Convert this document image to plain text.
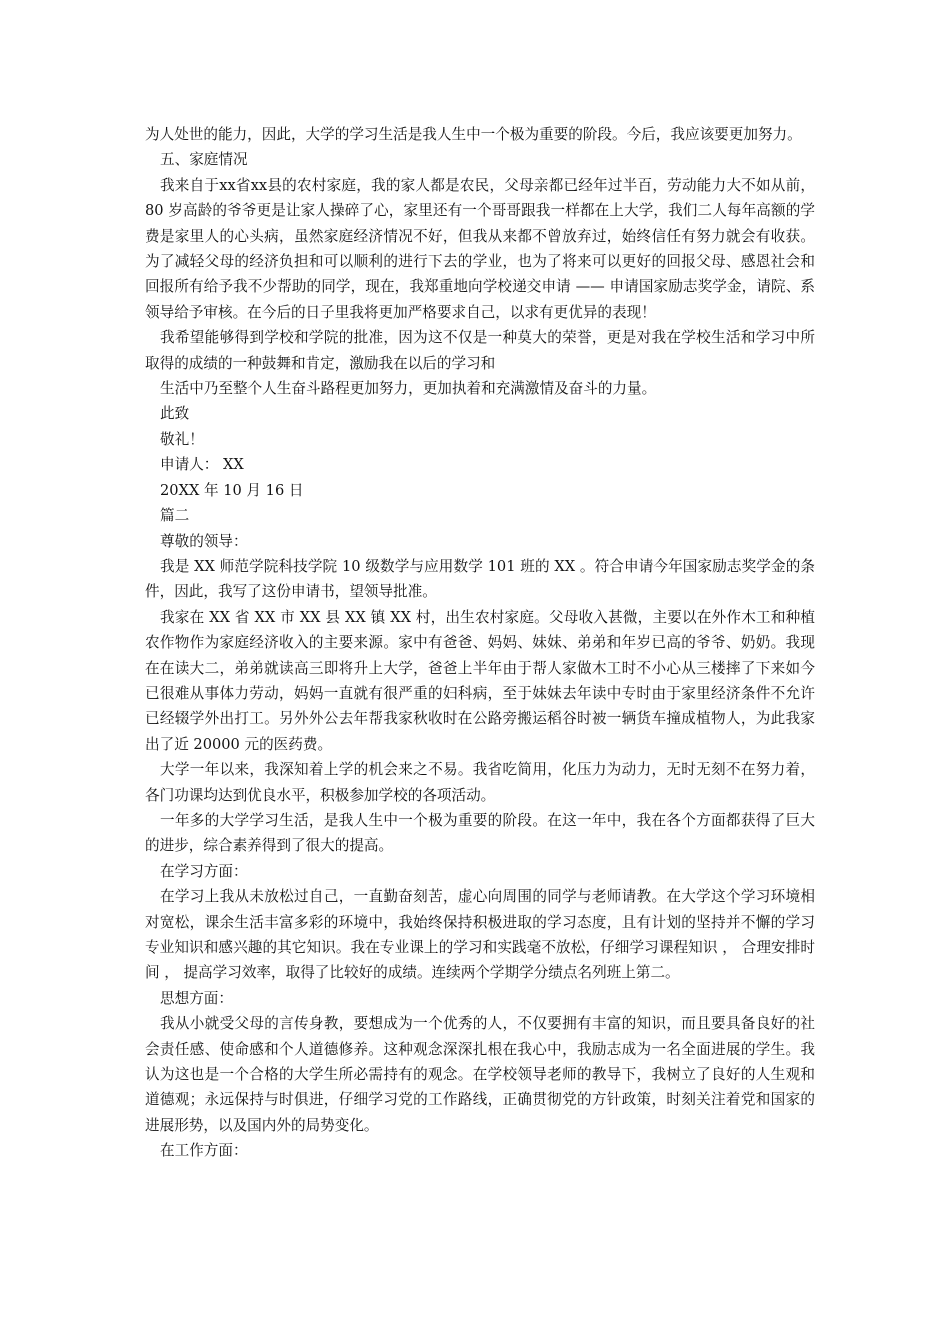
为人处世的能力，因此，大学的学习生活是我人生中一个极为重要的阶段。今后，我应该要更加努力。

五、家庭情况

我来自于xx省xx县的农村家庭，我的家人都是农民，父母亲都已经年过半百，劳动能力大不如从前， 80 岁高龄的爷爷更是让家人操碎了心，家里还有一个哥哥跟我一样都在上大学，我们二人每年高额的学费是家里人的心头病，虽然家庭经济情况不好，但我从来都不曾放弃过，始终信任有努力就会有收获。为了减轻父母的经济负担和可以顺利的进行下去的学业，也为了将来可以更好的回报父母、感恩社会和回报所有给予我不少帮助的同学，现在，我郑重地向学校递交申请 —— 申请国家励志奖学金，请院、系领导给予审核。在今后的日子里我将更加严格要求自己，以求有更优异的表现！

我希望能够得到学校和学院的批准，因为这不仅是一种莫大的荣誉，更是对我在学校生活和学习中所取得的成绩的一种鼓舞和肯定，激励我在以后的学习和

生活中乃至整个人生奋斗路程更加努力，更加执着和充满激情及奋斗的力量。

此致

敬礼！

申请人： XX

20XX 年 10 月 16 日

篇二

尊敬的领导：

我是 XX 师范学院科技学院 10 级数学与应用数学 101 班的 XX 。符合申请今年国家励志奖学金的条件，因此，我写了这份申请书，望领导批准。

我家在 XX 省 XX 市 XX 县 XX 镇 XX 村，出生农村家庭。父母收入甚微，主要以在外作木工和种植农作物作为家庭经济收入的主要来源。家中有爸爸、妈妈、妹妹、弟弟和年岁已高的爷爷、奶奶。我现在在读大二，弟弟就读高三即将升上大学，爸爸上半年由于帮人家做木工时不小心从三楼摔了下来如今已很难从事体力劳动，妈妈一直就有很严重的妇科病，至于妹妹去年读中专时由于家里经济条件不允许已经辍学外出打工。另外外公去年帮我家秋收时在公路旁搬运稻谷时被一辆货车撞成植物人，为此我家出了近 20000 元的医药费。

大学一年以来，我深知着上学的机会来之不易。我省吃简用，化压力为动力，无时无刻不在努力着，各门功课均达到优良水平，积极参加学校的各项活动。

一年多的大学学习生活，是我人生中一个极为重要的阶段。在这一年中，我在各个方面都获得了巨大的进步，综合素养得到了很大的提高。

在学习方面：

在学习上我从未放松过自己，一直勤奋刻苦，虚心向周围的同学与老师请教。在大学这个学习环境相对宽松，课余生活丰富多彩的环境中，我始终保持积极进取的学习态度，且有计划的坚持并不懈的学习专业知识和感兴趣的其它知识。我在专业课上的学习和实践毫不放松，仔细学习课程知识 ， 合理安排时间 ， 提高学习效率，取得了比较好的成绩。连续两个学期学分绩点名列班上第二。

思想方面：

我从小就受父母的言传身教，要想成为一个优秀的人，不仅要拥有丰富的知识，而且要具备良好的社会责任感、使命感和个人道德修养。这种观念深深扎根在我心中，我励志成为一名全面进展的学生。我认为这也是一个合格的大学生所必需持有的观念。在学校领导老师的教导下，我树立了良好的人生观和道德观；永远保持与时俱进，仔细学习党的工作路线，正确贯彻党的方针政策，时刻关注着党和国家的进展形势，以及国内外的局势变化。

在工作方面：
